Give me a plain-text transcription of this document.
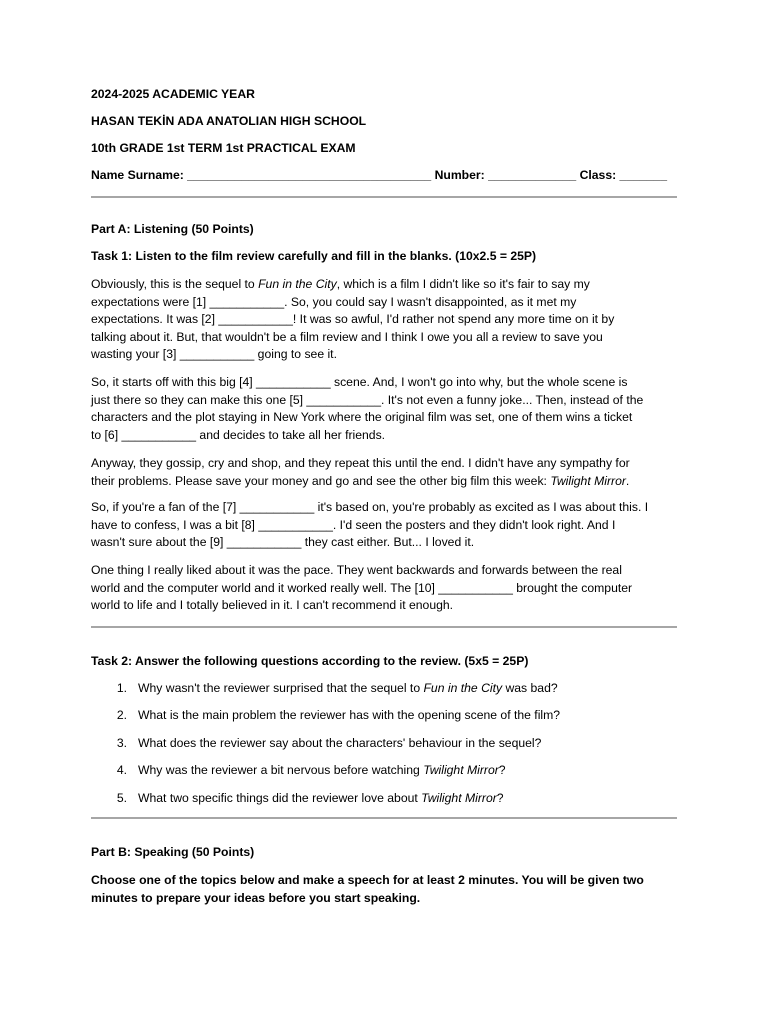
2024-2025 ACADEMIC YEAR

HASAN TEKİN ADA ANATOLIAN HIGH SCHOOL

10th GRADE 1st TERM 1st PRACTICAL EXAM

Name Surname: ____________________________________ Number: _____________ Class: _______

Part A: Listening (50 Points)

Task 1: Listen to the film review carefully and fill in the blanks. (10x2.5 = 25P)

Obviously, this is the sequel to Fun in the City, which is a film I didn't like so it's fair to say my
expectations were [1] ___________. So, you could say I wasn't disappointed, as it met my
expectations. It was [2] ___________! It was so awful, I'd rather not spend any more time on it by
talking about it. But, that wouldn't be a film review and I think I owe you all a review to save you
wasting your [3] ___________ going to see it.
So, it starts off with this big [4] ___________ scene. And, I won't go into why, but the whole scene is
just there so they can make this one [5] ___________. It's not even a funny joke... Then, instead of the
characters and the plot staying in New York where the original film was set, one of them wins a ticket
to [6] ___________ and decides to take all her friends.
Anyway, they gossip, cry and shop, and they repeat this until the end. I didn't have any sympathy for
their problems. Please save your money and go and see the other big film this week: Twilight Mirror.
So, if you're a fan of the [7] ___________ it's based on, you're probably as excited as I was about this. I
have to confess, I was a bit [8] ___________. I'd seen the posters and they didn't look right. And I
wasn't sure about the [9] ___________ they cast either. But... I loved it.
One thing I really liked about it was the pace. They went backwards and forwards between the real
world and the computer world and it worked really well. The [10] ___________ brought the computer
world to life and I totally believed in it. I can't recommend it enough.

Task 2: Answer the following questions according to the review. (5x5 = 25P)

1. Why wasn't the reviewer surprised that the sequel to Fun in the City was bad?
2. What is the main problem the reviewer has with the opening scene of the film?
3. What does the reviewer say about the characters' behaviour in the sequel?
4. Why was the reviewer a bit nervous before watching Twilight Mirror?
5. What two specific things did the reviewer love about Twilight Mirror?

Part B: Speaking (50 Points)

Choose one of the topics below and make a speech for at least 2 minutes. You will be given two
minutes to prepare your ideas before you start speaking.
